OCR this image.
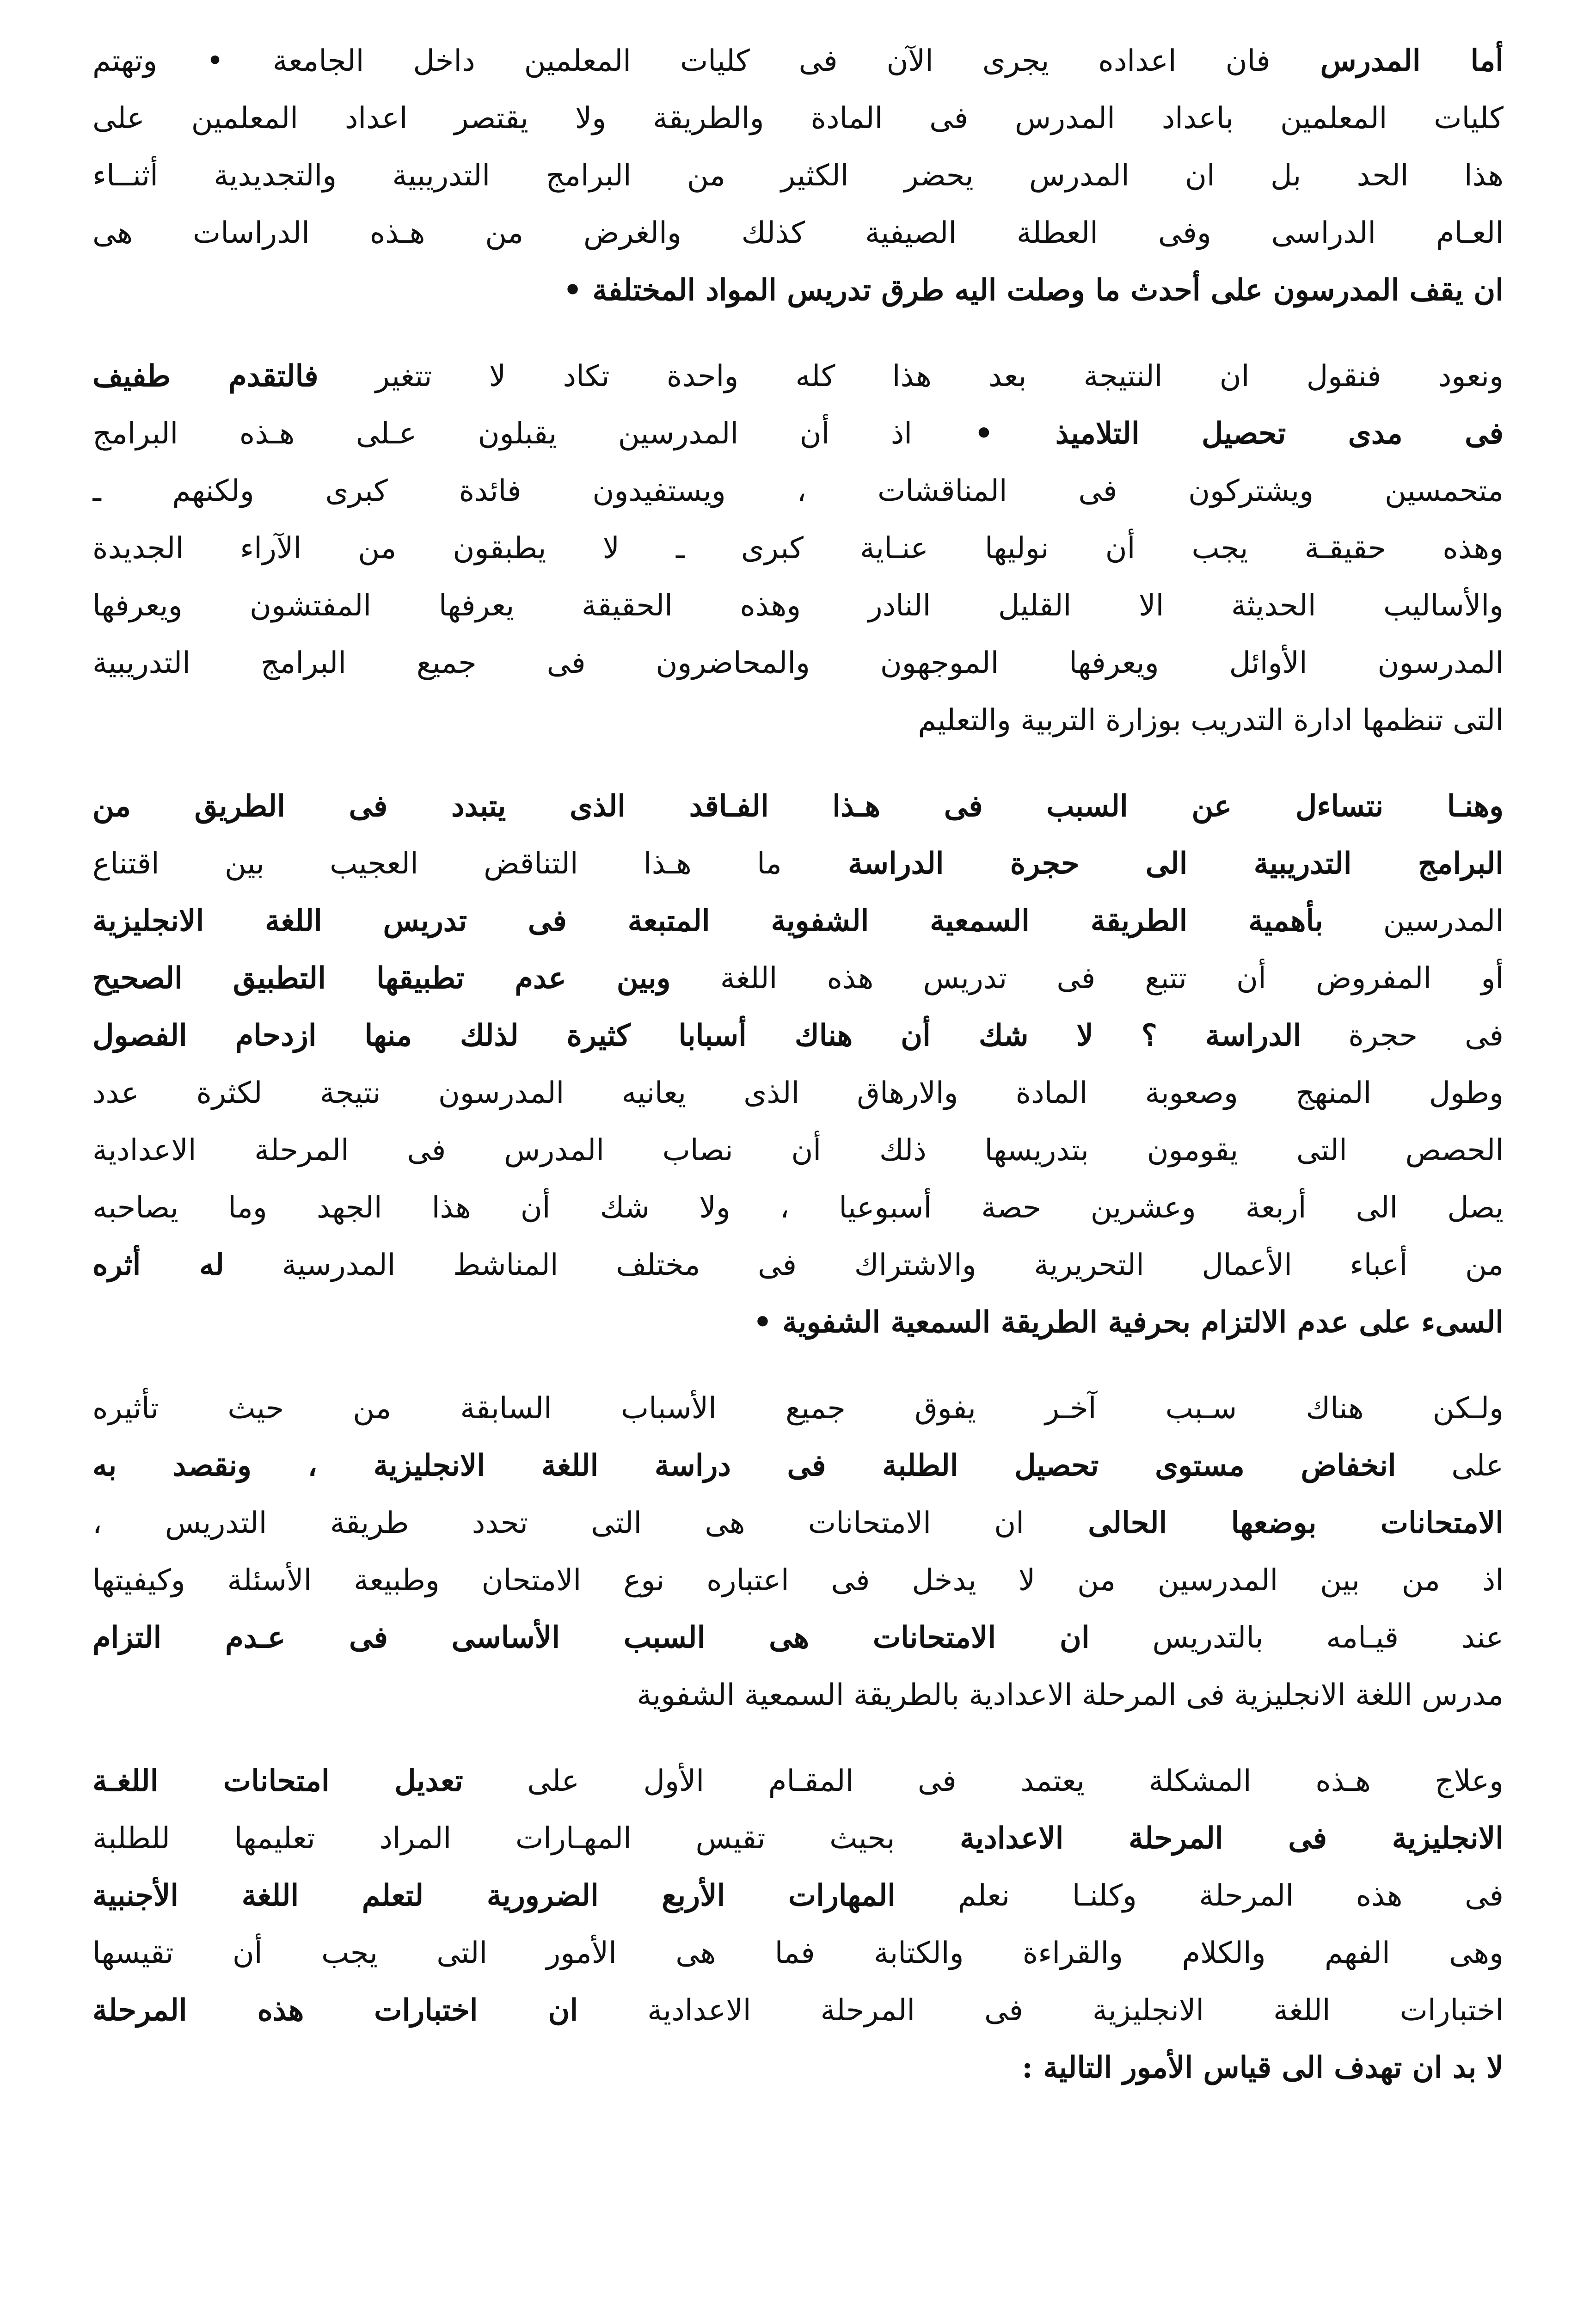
أما المدرس فان اعداده يجرى الآن فى كليات المعلمين داخل الجامعة • وتهتم
كليات المعلمين باعداد المدرس فى المادة والطريقة ولا يقتصر اعداد المعلمين على
هذا الحد بل ان المدرس يحضر الكثير من البرامج التدريبية والتجديدية أثنــاء
العـام الدراسى وفى العطلة الصيفية كذلك والغرض من هـذه الدراسات هى
ان يقف المدرسون على أحدث ما وصلت اليه طرق تدريس المواد المختلفة •
ونعود فنقول ان النتيجة بعد هذا كله واحدة تكاد لا تتغير فالتقدم طفيف
فى مدى تحصيل التلاميذ • اذ أن المدرسين يقبلون عـلى هـذه البرامج
متحمسين ويشتركون فى المناقشات ، ويستفيدون فائدة كبرى ولكنهم ـ
وهذه حقيقـة يجب أن نوليها عنـاية كبرى ـ لا يطبقون من الآراء الجديدة
والأساليب الحديثة الا القليل النادر وهذه الحقيقة يعرفها المفتشون ويعرفها
المدرسون الأوائل ويعرفها الموجهون والمحاضرون فى جميع البرامج التدريبية
التى تنظمها ادارة التدريب بوزارة التربية والتعليم
وهنـا نتساءل عن السبب فى هـذا الفـاقد الذى يتبدد فى الطريق من
البرامج التدريبية الى حجرة الدراسة ما هـذا التناقض العجيب بين اقتناع
المدرسين بأهمية الطريقة السمعية الشفوية المتبعة فى تدريس اللغة الانجليزية
أو المفروض أن تتبع فى تدريس هذه اللغة وبين عدم تطبيقها التطبيق الصحيح
فى حجرة الدراسة ؟ لا شك أن هناك أسبابا كثيرة لذلك منها ازدحام الفصول
وطول المنهج وصعوبة المادة والارهاق الذى يعانيه المدرسون نتيجة لكثرة عدد
الحصص التى يقومون بتدريسها ذلك أن نصاب المدرس فى المرحلة الاعدادية
يصل الى أربعة وعشرين حصة أسبوعيا ، ولا شك أن هذا الجهد وما يصاحبه
من أعباء الأعمال التحريرية والاشتراك فى مختلف المناشط المدرسية له أثره
السىء على عدم الالتزام بحرفية الطريقة السمعية الشفوية •
ولـكن هناك سـبب آخـر يفوق جميع الأسباب السابقة من حيث تأثيره
على انخفاض مستوى تحصيل الطلبة فى دراسة اللغة الانجليزية ، ونقصد به
الامتحانات بوضعها الحالى ان الامتحانات هى التى تحدد طريقة التدريس ،
اذ من بين المدرسين من لا يدخل فى اعتباره نوع الامتحان وطبيعة الأسئلة وكيفيتها
عند قيـامه بالتدريس ان الامتحانات هى السبب الأساسى فى عـدم التزام
مدرس اللغة الانجليزية فى المرحلة الاعدادية بالطريقة السمعية الشفوية
وعلاج هـذه المشكلة يعتمد فى المقـام الأول على تعديل امتحانات اللغـة
الانجليزية فى المرحلة الاعدادية بحيث تقيس المهـارات المراد تعليمها للطلبة
فى هذه المرحلة وكلنـا نعلم المهارات الأربع الضرورية لتعلم اللغة الأجنبية
وهى الفهم والكلام والقراءة والكتابة فما هى الأمور التى يجب أن تقيسها
اختبارات اللغة الانجليزية فى المرحلة الاعدادية ان اختبارات هذه المرحلة
لا بد ان تهدف الى قياس الأمور التالية :
